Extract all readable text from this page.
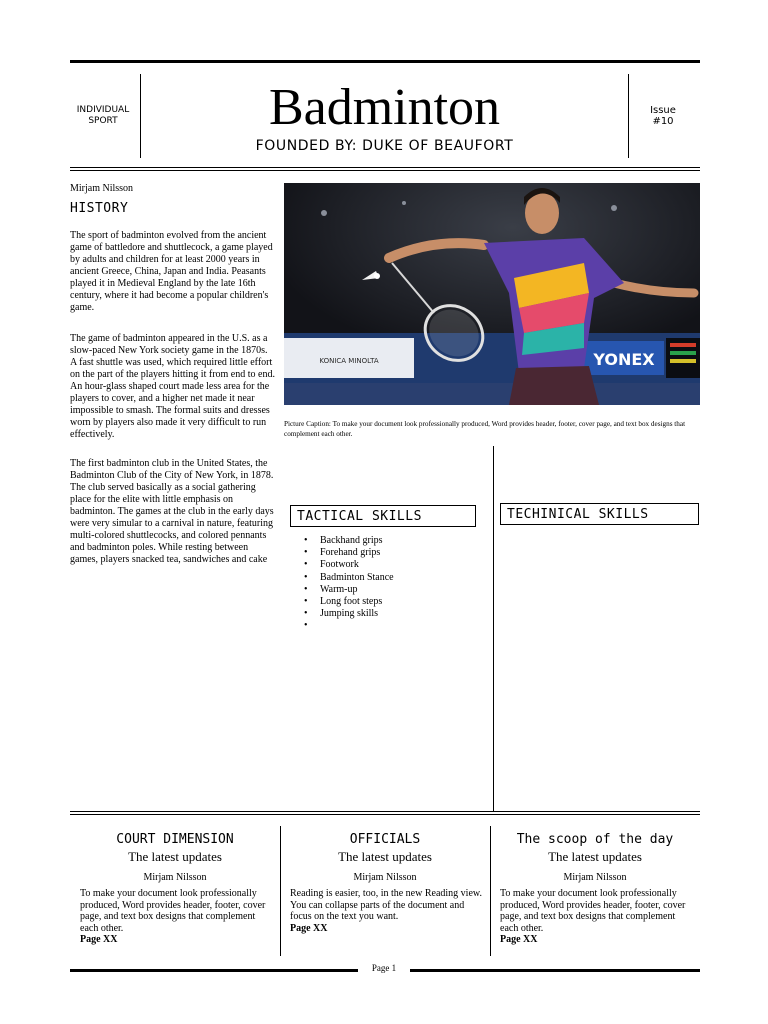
INDIVIDUAL SPORT	Badminton
FOUNDED BY: DUKE OF BEAUFORT
Issue
#10
Mirjam Nilsson
HISTORY
The sport of badminton evolved from the ancient game of battledore and shuttlecock, a game played by adults and children for at least 2000 years in ancient Greece, China, Japan and India. Peasants played it in Medieval England by the late 16th century, where it had become a popular children's game.
The game of badminton appeared in the U.S. as a slow-paced New York society game in the 1870s. A fast shuttle was used, which required little effort on the part of the players hitting it from end to end. An hour-glass shaped court made less area for the players to cover, and a higher net made it near impossible to smash. The formal suits and dresses worn by players also made it very difficult to run effectively.
The first badminton club in the United States, the Badminton Club of the City of New York, in 1878. The club served basically as a social gathering place for the elite with little emphasis on badminton. The games at the club in the early days were very simular to a carnival in nature, featuring multi-colored shuttlecocks, and colored pennants and badminton poles. While resting between games, players snacked tea, sandwiches and cake
KONICA MINOLTA	YONEX
Picture Caption: To make your document look professionally produced, Word provides header, footer, cover page, and text box designs that complement each other.
TACTICAL SKILLS
• Backhand grips
• Forehand grips
• Footwork
• Badminton Stance
• Warm-up
• Long foot steps
• Jumping skills
•
TECHINICAL SKILLS
COURT DIMENSION
The latest updates
Mirjam Nilsson
To make your document look professionally produced, Word provides header, footer, cover page, and text box designs that complement each other.
Page XX
OFFICIALS
The latest updates
Mirjam Nilsson
Reading is easier, too, in the new Reading view. You can collapse parts of the document and focus on the text you want.
Page XX
The scoop of the day
The latest updates
Mirjam Nilsson
To make your document look professionally produced, Word provides header, footer, cover page, and text box designs that complement each other.
Page XX
Page 1
